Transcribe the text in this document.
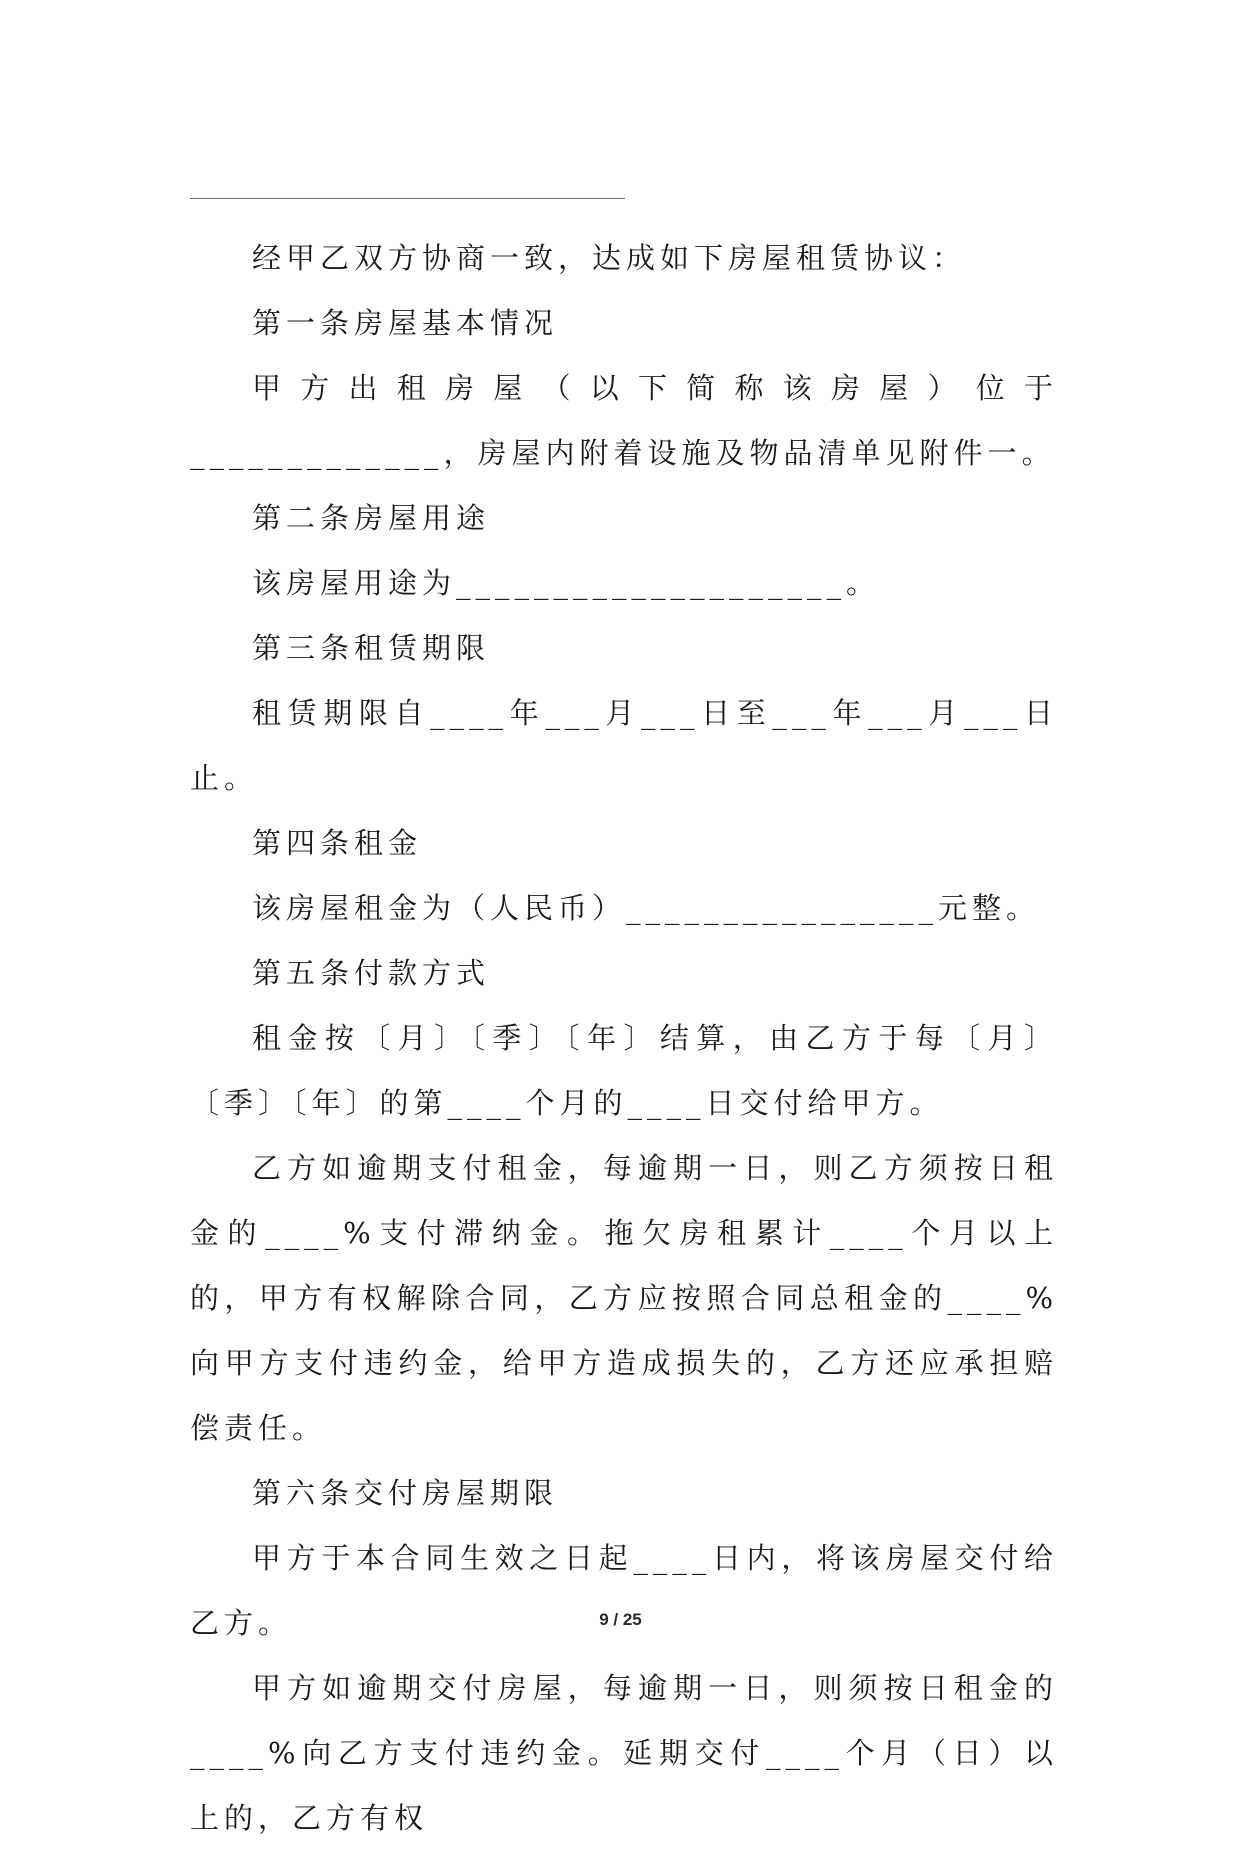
经甲乙双方协商一致，达成如下房屋租赁协议：

第一条房屋基本情况

甲方出租房屋（以下简称该房屋）位于_____________，房屋内附着设施及物品清单见附件一。

第二条房屋用途

该房屋用途为____________________。

第三条租赁期限

租赁期限自____年___月___日至___年___月___日止。

第四条租金

该房屋租金为（人民币）________________元整。

第五条付款方式

租金按〔月〕〔季〕〔年〕结算，由乙方于每〔月〕〔季〕〔年〕的第____个月的____日交付给甲方。

乙方如逾期支付租金，每逾期一日，则乙方须按日租金的____%支付滞纳金。拖欠房租累计____个月以上的，甲方有权解除合同，乙方应按照合同总租金的____%向甲方支付违约金，给甲方造成损失的，乙方还应承担赔偿责任。

第六条交付房屋期限

甲方于本合同生效之日起____日内，将该房屋交付给乙方。

甲方如逾期交付房屋，每逾期一日，则须按日租金的____%向乙方支付违约金。延期交付____个月（日）以上的，乙方有权

9 / 25
